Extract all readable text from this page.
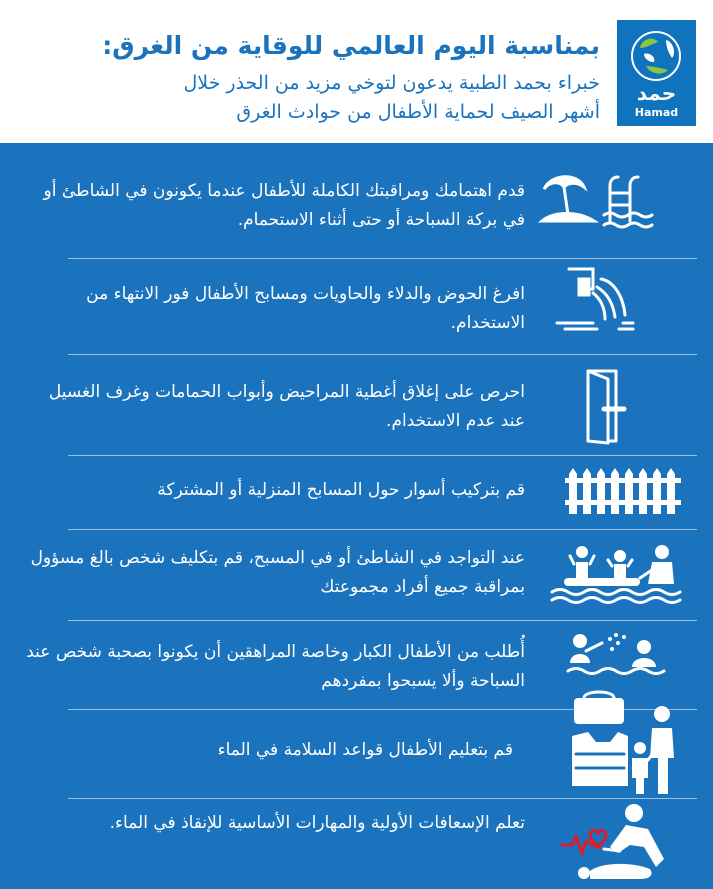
بمناسبة اليوم العالمي للوقاية من الغرق:

خبراء بحمد الطبية يدعون لتوخي مزيد من الحذر خلال

أشهر الصيف لحماية الأطفال من حوادث الغرق

حمد
Hamad

قدم اهتمامك ومراقبتك الكاملة للأطفال عندما يكونون في الشاطئ أو في بركة السباحة أو حتى أثناء الاستحمام.

افرغ الحوض والدلاء والحاويات ومسابح الأطفال فور الانتهاء من الاستخدام.

احرص على إغلاق أغطية المراحيض وأبواب الحمامات وغرف الغسيل عند عدم الاستخدام.

قم بتركيب أسوار حول المسابح المنزلية أو المشتركة

عند التواجد في الشاطئ أو في المسبح، قم بتكليف شخص بالغ مسؤول بمراقبة جميع أفراد مجموعتك

أُطلب من الأطفال الكبار وخاصة المراهقين أن يكونوا بصحبة شخص عند السباحة وألا يسبحوا بمفردهم

قم بتعليم الأطفال قواعد السلامة في الماء

تعلم الإسعافات الأولية والمهارات الأساسية للإنقاذ في الماء.
